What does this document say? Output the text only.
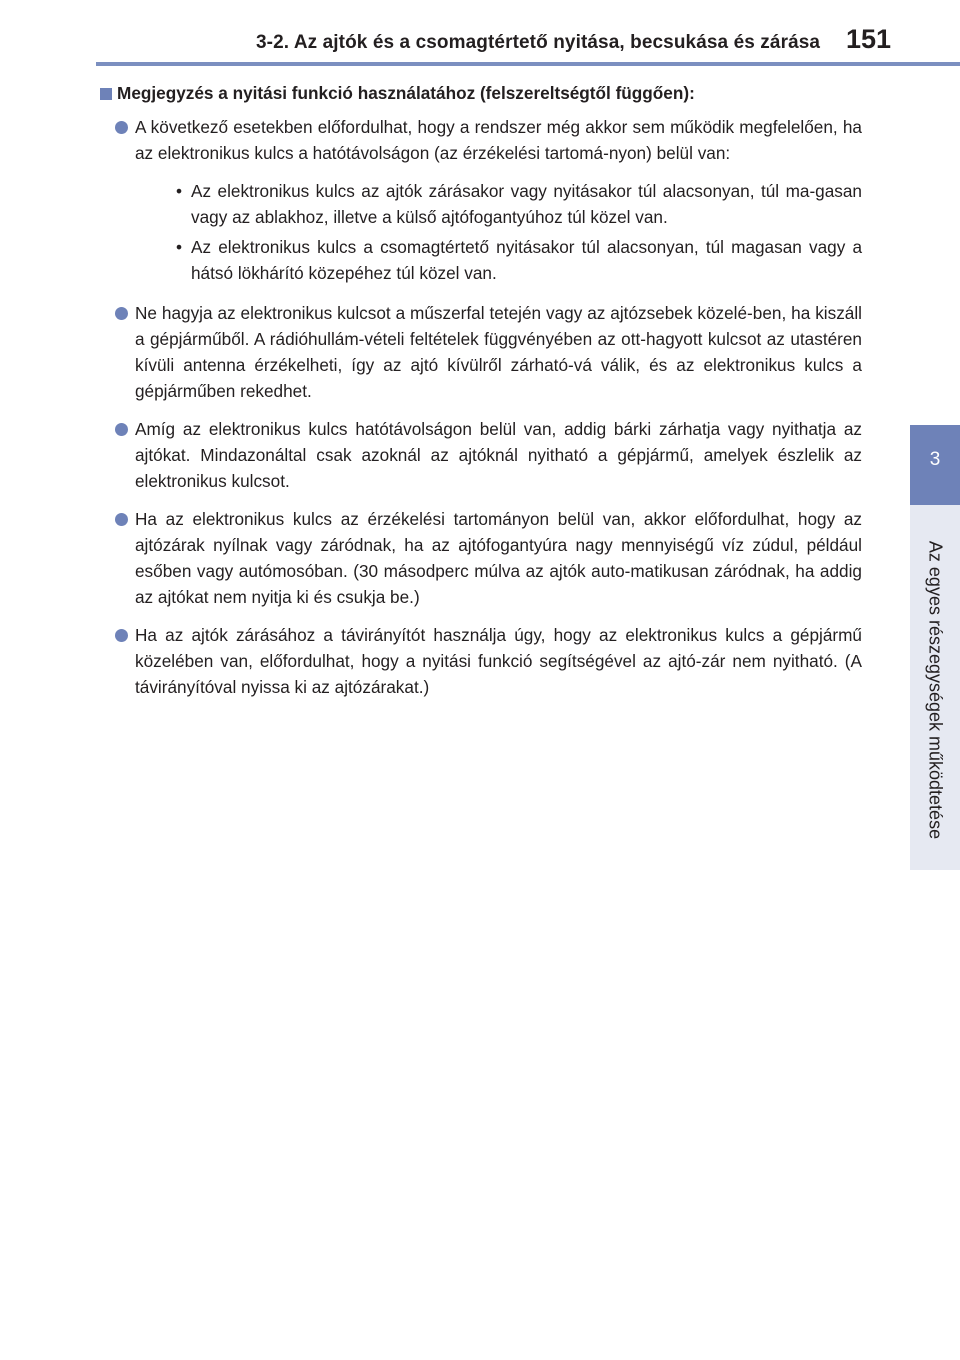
3-2. Az ajtók és a csomagtértető nyitása, becsukása és zárása 151
3
Az egyes részegységek működtetése
Megjegyzés a nyitási funkció használatához (felszereltségtől függően):
A következő esetekben előfordulhat, hogy a rendszer még akkor sem működik megfelelően, ha az elektronikus kulcs a hatótávolságon (az érzékelési tartomá-nyon) belül van:
• Az elektronikus kulcs az ajtók zárásakor vagy nyitásakor túl alacsonyan, túl ma-gasan vagy az ablakhoz, illetve a külső ajtófogantyúhoz túl közel van.
• Az elektronikus kulcs a csomagtértető nyitásakor túl alacsonyan, túl magasan vagy a hátsó lökhárító közepéhez túl közel van.
Ne hagyja az elektronikus kulcsot a műszerfal tetején vagy az ajtózsebek közelé-ben, ha kiszáll a gépjárműből. A rádióhullám-vételi feltételek függvényében az ott-hagyott kulcsot az utastéren kívüli antenna érzékelheti, így az ajtó kívülről zárható-vá válik, és az elektronikus kulcs a gépjárműben rekedhet.
Amíg az elektronikus kulcs hatótávolságon belül van, addig bárki zárhatja vagy nyithatja az ajtókat. Mindazonáltal csak azoknál az ajtóknál nyitható a gépjármű, amelyek észlelik az elektronikus kulcsot.
Ha az elektronikus kulcs az érzékelési tartományon belül van, akkor előfordulhat, hogy az ajtózárak nyílnak vagy záródnak, ha az ajtófogantyúra nagy mennyiségű víz zúdul, például esőben vagy autómosóban. (30 másodperc múlva az ajtók auto-matikusan záródnak, ha addig az ajtókat nem nyitja ki és csukja be.)
Ha az ajtók zárásához a távirányítót használja úgy, hogy az elektronikus kulcs a gépjármű közelében van, előfordulhat, hogy a nyitási funkció segítségével az ajtó-zár nem nyitható. (A távirányítóval nyissa ki az ajtózárakat.)
